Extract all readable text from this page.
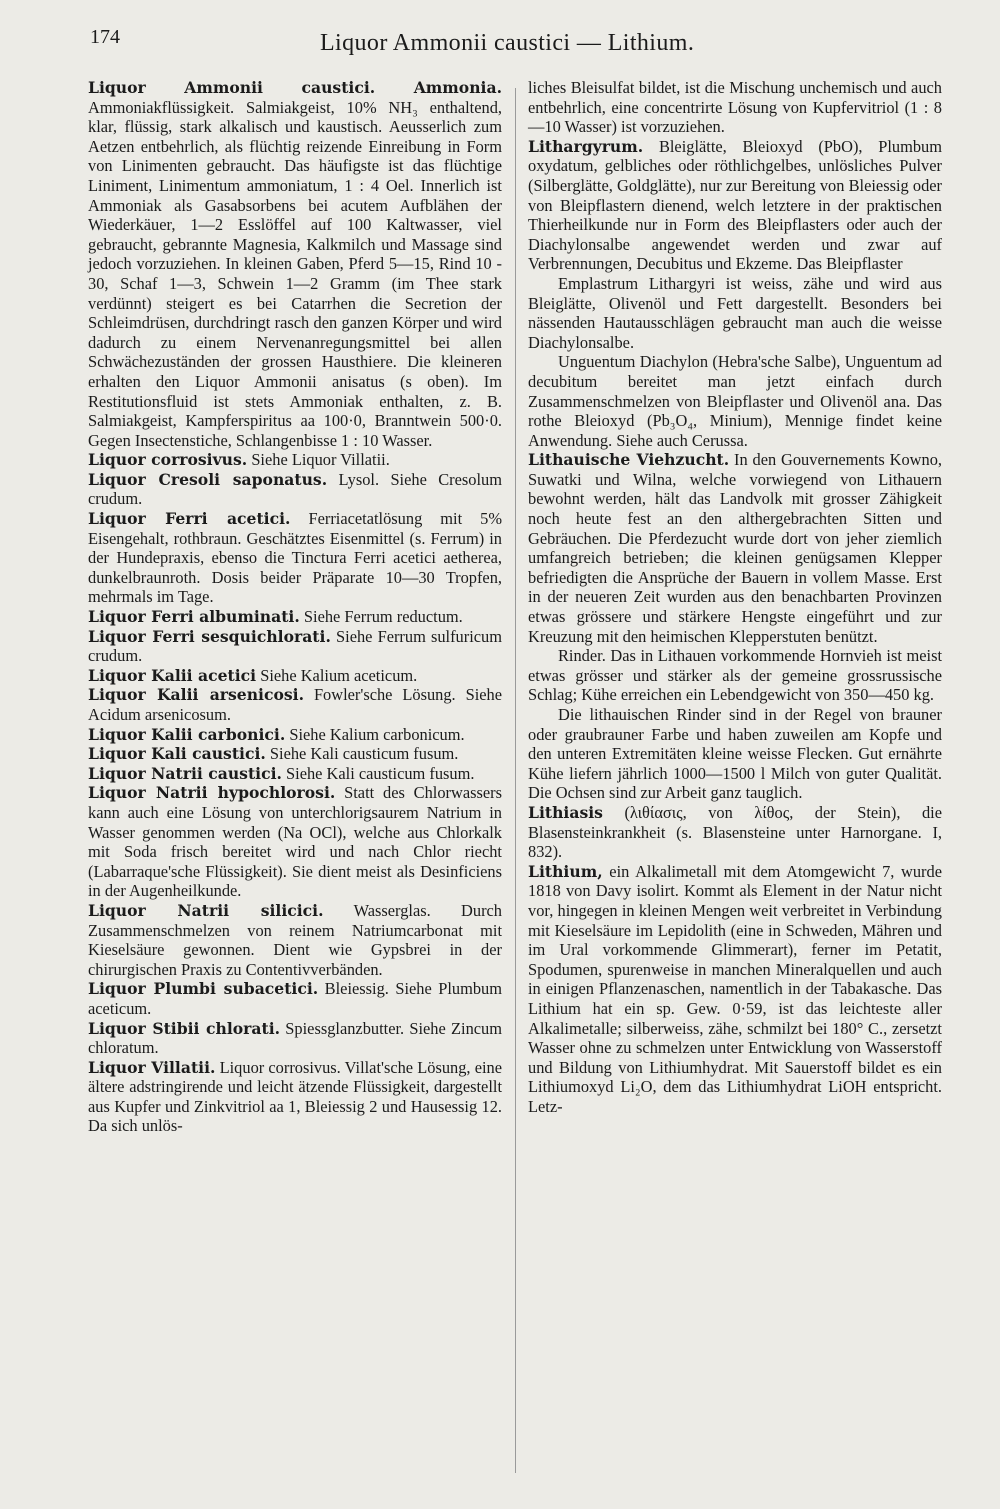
174	Liquor Ammonii caustici — Lithium.

Liquor Ammonii caustici. Ammonia. Ammoniakflüssigkeit. Salmiakgeist, 10% NH₃ enthaltend, klar, flüssig, stark alkalisch und kaustisch. Aeusserlich zum Aetzen entbehrlich, als flüchtig reizende Einreibung in Form von Linimenten gebraucht. Das häufigste ist das flüchtige Liniment, Linimentum ammoniatum, 1 : 4 Oel. Innerlich ist Ammoniak als Gasabsorbens bei acutem Aufblähen der Wiederkäuer, 1—2 Esslöffel auf 100 Kaltwasser, viel gebraucht, gebrannte Magnesia, Kalkmilch und Massage sind jedoch vorzuziehen. In kleinen Gaben, Pferd 5—15, Rind 10 - 30, Schaf 1—3, Schwein 1—2 Gramm (im Thee stark verdünnt) steigert es bei Catarrhen die Secretion der Schleimdrüsen, durchdringt rasch den ganzen Körper und wird dadurch zu einem Nervenanregungsmittel bei allen Schwächezuständen der grossen Hausthiere. Die kleineren erhalten den Liquor Ammonii anisatus (s oben). Im Restitutionsfluid ist stets Ammoniak enthalten, z. B. Salmiakgeist, Kampferspiritus aa 100·0, Branntwein 500·0. Gegen Insectenstiche, Schlangenbisse 1 : 10 Wasser.

Liquor corrosivus. Siehe Liquor Villatii.

Liquor Cresoli saponatus. Lysol. Siehe Cresolum crudum.

Liquor Ferri acetici. Ferriacetatlösung mit 5% Eisengehalt, rothbraun. Geschätztes Eisenmittel (s. Ferrum) in der Hundepraxis, ebenso die Tinctura Ferri acetici aetherea, dunkelbraunroth. Dosis beider Präparate 10—30 Tropfen, mehrmals im Tage.

Liquor Ferri albuminati. Siehe Ferrum reductum.

Liquor Ferri sesquichlorati. Siehe Ferrum sulfuricum crudum.

Liquor Kalii acetici Siehe Kalium aceticum.

Liquor Kalii arsenicosi. Fowler'sche Lösung. Siehe Acidum arsenicosum.

Liquor Kalii carbonici. Siehe Kalium carbonicum.

Liquor Kali caustici. Siehe Kali causticum fusum.

Liquor Natrii caustici. Siehe Kali causticum fusum.

Liquor Natrii hypochlorosi. Statt des Chlorwassers kann auch eine Lösung von unterchlorigsaurem Natrium in Wasser genommen werden (Na OCl), welche aus Chlorkalk mit Soda frisch bereitet wird und nach Chlor riecht (Labarraque'sche Flüssigkeit). Sie dient meist als Desinficiens in der Augenheilkunde.

Liquor Natrii silicici. Wasserglas. Durch Zusammenschmelzen von reinem Natriumcarbonat mit Kieselsäure gewonnen. Dient wie Gypsbrei in der chirurgischen Praxis zu Contentivverbänden.

Liquor Plumbi subacetici. Bleiessig. Siehe Plumbum aceticum.

Liquor Stibii chlorati. Spiessglanzbutter. Siehe Zincum chloratum.

Liquor Villatii. Liquor corrosivus. Villat'sche Lösung, eine ältere adstringirende und leicht ätzende Flüssigkeit, dargestellt aus Kupfer und Zinkvitriol aa 1, Bleiessig 2 und Hausessig 12. Da sich unlös-

liches Bleisulfat bildet, ist die Mischung unchemisch und auch entbehrlich, eine concentrirte Lösung von Kupfervitriol (1 : 8—10 Wasser) ist vorzuziehen.

Lithargyrum. Bleiglätte, Bleioxyd (PbO), Plumbum oxydatum, gelbliches oder röthlichgelbes, unlösliches Pulver (Silberglätte, Goldglätte), nur zur Bereitung von Bleiessig oder von Bleipflastern dienend, welch letztere in der praktischen Thierheilkunde nur in Form des Bleipflasters oder auch der Diachylonsalbe angewendet werden und zwar auf Verbrennungen, Decubitus und Ekzeme. Das Bleipflaster

Emplastrum Lithargyri ist weiss, zähe und wird aus Bleiglätte, Olivenöl und Fett dargestellt. Besonders bei nässenden Hautausschlägen gebraucht man auch die weisse Diachylonsalbe.

Unguentum Diachylon (Hebra'sche Salbe), Unguentum ad decubitum bereitet man jetzt einfach durch Zusammenschmelzen von Bleipflaster und Olivenöl ana. Das rothe Bleioxyd (Pb₃O₄, Minium), Mennige findet keine Anwendung. Siehe auch Cerussa.

Lithauische Viehzucht. In den Gouvernements Kowno, Suwatki und Wilna, welche vorwiegend von Lithauern bewohnt werden, hält das Landvolk mit grosser Zähigkeit noch heute fest an den althergebrachten Sitten und Gebräuchen. Die Pferdezucht wurde dort von jeher ziemlich umfangreich betrieben; die kleinen genügsamen Klepper befriedigten die Ansprüche der Bauern in vollem Masse. Erst in der neueren Zeit wurden aus den benachbarten Provinzen etwas grössere und stärkere Hengste eingeführt und zur Kreuzung mit den heimischen Klepperstuten benützt.

Rinder. Das in Lithauen vorkommende Hornvieh ist meist etwas grösser und stärker als der gemeine grossrussische Schlag; Kühe erreichen ein Lebendgewicht von 350—450 kg.

Die lithauischen Rinder sind in der Regel von brauner oder graubrauner Farbe und haben zuweilen am Kopfe und den unteren Extremitäten kleine weisse Flecken. Gut ernährte Kühe liefern jährlich 1000—1500 l Milch von guter Qualität. Die Ochsen sind zur Arbeit ganz tauglich.

Lithiasis (λιθίασις, von λίθος, der Stein), die Blasensteinkrankheit (s. Blasensteine unter Harnorgane. I, 832).

Lithium, ein Alkalimetall mit dem Atomgewicht 7, wurde 1818 von Davy isolirt. Kommt als Element in der Natur nicht vor, hingegen in kleinen Mengen weit verbreitet in Verbindung mit Kieselsäure im Lepidolith (eine in Schweden, Mähren und im Ural vorkommende Glimmerart), ferner im Petatit, Spodumen, spurenweise in manchen Mineralquellen und auch in einigen Pflanzenaschen, namentlich in der Tabakasche. Das Lithium hat ein sp. Gew. 0·59, ist das leichteste aller Alkalimetalle; silberweiss, zähe, schmilzt bei 180° C., zersetzt Wasser ohne zu schmelzen unter Entwicklung von Wasserstoff und Bildung von Lithiumhydrat. Mit Sauerstoff bildet es ein Lithiumoxyd Li₂O, dem das Lithiumhydrat LiOH entspricht. Letz-
